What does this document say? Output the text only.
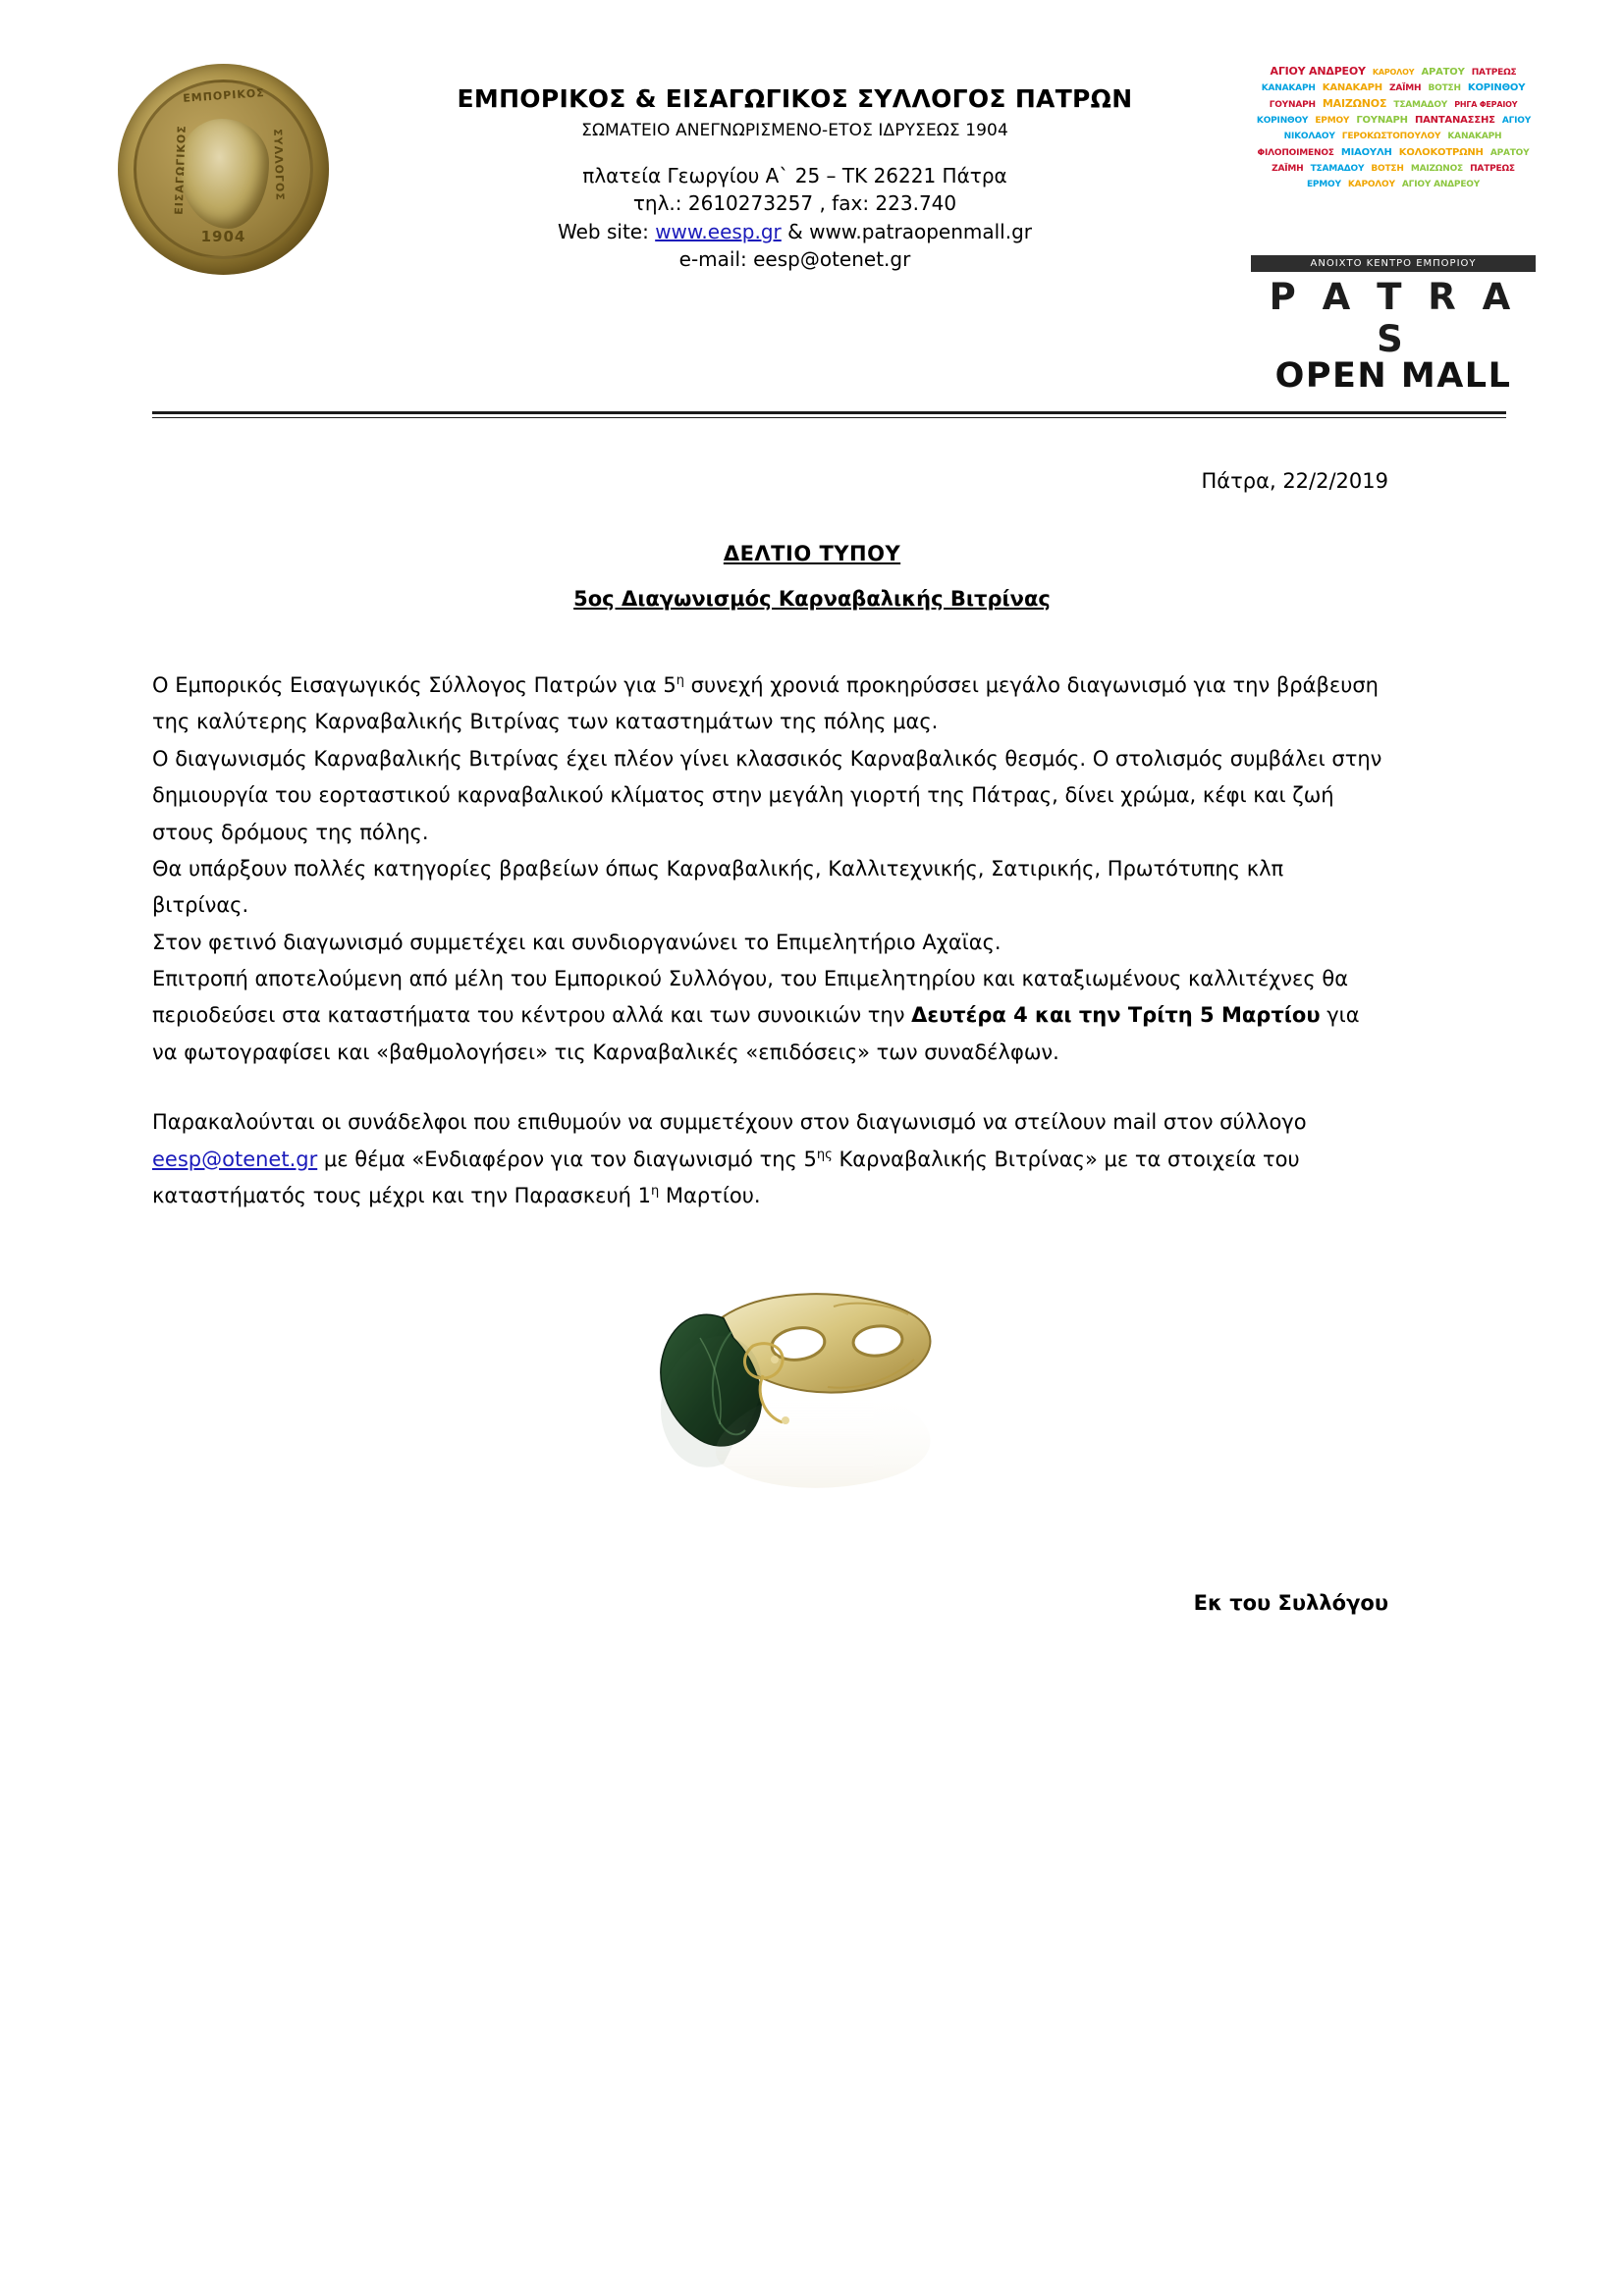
ΕΜΠΟΡΙΚΟΣ
ΕΙΣΑΓΩΓΙΚΟΣ	ΣΥΛΛΟΓΟΣ
1904
ΕΜΠΟΡΙΚΟΣ & ΕΙΣΑΓΩΓΙΚΟΣ ΣΥΛΛΟΓΟΣ ΠΑΤΡΩΝ
ΣΩΜΑΤΕΙΟ ΑΝΕΓΝΩΡΙΣΜΕΝΟ-ΕΤΟΣ ΙΔΡΥΣΕΩΣ 1904
πλατεία Γεωργίου Α` 25 – ΤΚ 26221 Πάτρα
τηλ.: 2610273257 , fax: 223.740
Web site: www.eesp.gr & www.patraopenmall.gr
e-mail: eesp@otenet.gr
ΑΓΙΟΥ ΑΝΔΡΕΟΥ ΚΑΡΟΛΟΥ ΑΡΑΤΟΥ ΠΑΤΡΕΩΣ ΚΑΝΑΚΑΡΗ ΚΑΝΑΚΑΡΗ ΖΑΪΜΗ ΒΟΤΣΗ ΚΟΡΙΝΘΟΥ ΓΟΥΝΑΡΗ ΜΑΙΖΩΝΟΣ ΤΣΑΜΑΔΟΥ ΡΗΓΑ ΦΕΡΑΙΟΥ ΚΟΡΙΝΘΟΥ ΕΡΜΟΥ ΓΟΥΝΑΡΗ ΠΑΝΤΑΝΑΣΣΗΣ ΑΓΙΟΥ ΝΙΚΟΛΑΟΥ ΓΕΡΟΚΩΣΤΟΠΟΥΛΟΥ ΚΑΝΑΚΑΡΗ ΦΙΛΟΠΟΙΜΕΝΟΣ ΜΙΑΟΥΛΗ ΚΟΛΟΚΟΤΡΩΝΗ ΑΡΑΤΟΥ ΖΑΪΜΗ ΤΣΑΜΑΔΟΥ ΒΟΤΣΗ ΜΑΙΖΩΝΟΣ ΠΑΤΡΕΩΣ ΕΡΜΟΥ ΚΑΡΟΛΟΥ ΑΓΙΟΥ ΑΝΔΡΕΟΥ
ΑΝΟΙΧΤΟ ΚΕΝΤΡΟ ΕΜΠΟΡΙΟΥ
P A T R A S
OPEN MALL
Πάτρα, 22/2/2019
ΔΕΛΤΙΟ ΤΥΠΟΥ
5ος Διαγωνισμός Καρναβαλικής Βιτρίνας

Ο Εμπορικός Εισαγωγικός Σύλλογος Πατρών για $5^\eta$ συνεχή χρονιά προκηρύσσει μεγάλο διαγωνισμό για την βράβευση της καλύτερης Καρναβαλικής Βιτρίνας των καταστημάτων της πόλης μας.

Ο διαγωνισμός Καρναβαλικής Βιτρίνας έχει πλέον γίνει κλασσικός Καρναβαλικός θεσμός. Ο στολισμός συμβάλει στην δημιουργία του εορταστικού καρναβαλικού κλίματος στην μεγάλη γιορτή της Πάτρας, δίνει χρώμα, κέφι και ζωή στους δρόμους της πόλης.

Θα υπάρξουν πολλές κατηγορίες βραβείων όπως Καρναβαλικής, Καλλιτεχνικής, Σατιρικής, Πρωτότυπης κλπ βιτρίνας.

Στον φετινό διαγωνισμό συμμετέχει και συνδιοργανώνει το Επιμελητήριο Αχαϊας.

Επιτροπή αποτελούμενη από μέλη του Εμπορικού Συλλόγου, του Επιμελητηρίου και καταξιωμένους καλλιτέχνες θα περιοδεύσει στα καταστήματα του κέντρου αλλά και των συνοικιών την Δευτέρα 4 και την Τρίτη 5 Μαρτίου για να φωτογραφίσει και «βαθμολογήσει» τις Καρναβαλικές «επιδόσεις» των συναδέλφων.

Παρακαλούνται οι συνάδελφοι που επιθυμούν να συμμετέχουν στον διαγωνισμό να στείλουν mail στον σύλλογο eesp@otenet.gr με θέμα «Ενδιαφέρον για τον διαγωνισμό της $5^{\eta\varsigma}$ Καρναβαλικής Βιτρίνας» με τα στοιχεία του καταστήματός τους μέχρι και την Παρασκευή $1^\eta$ Μαρτίου.

Εκ του Συλλόγου
